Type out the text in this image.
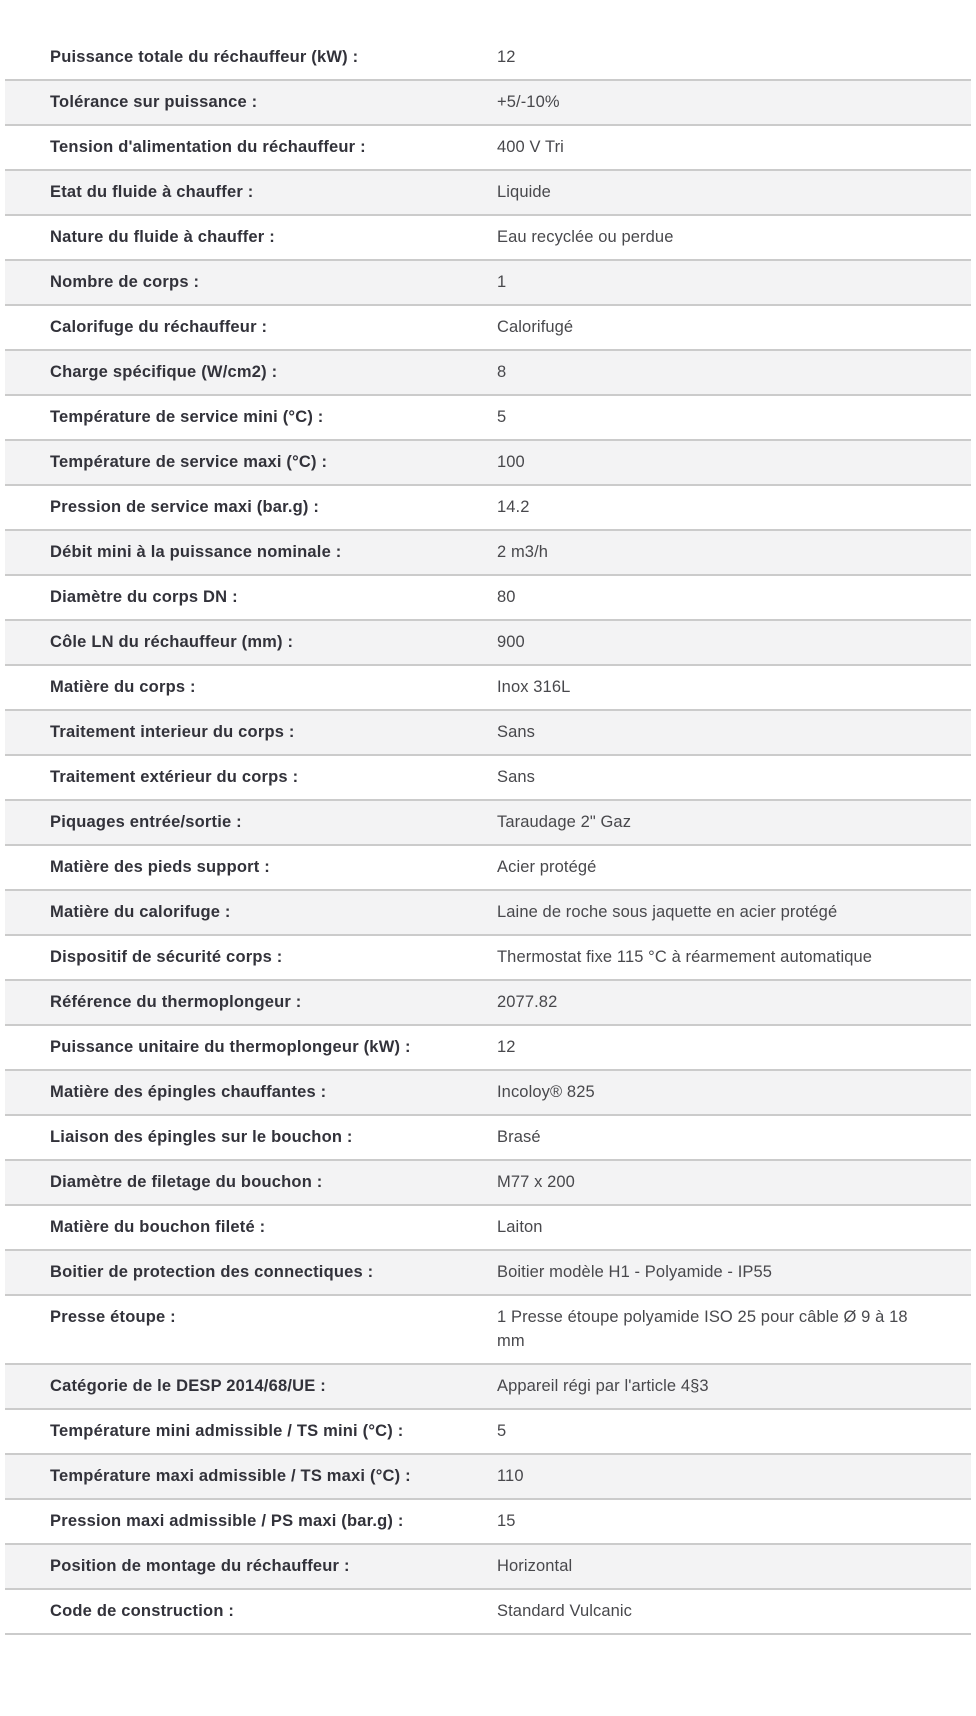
Puissance totale du réchauffeur (kW) :	12
Tolérance sur puissance :	+5/-10%
Tension d'alimentation du réchauffeur :	400 V Tri
Etat du fluide à chauffer :	Liquide
Nature du fluide à chauffer :	Eau recyclée ou perdue
Nombre de corps :	1
Calorifuge du réchauffeur :	Calorifugé
Charge spécifique (W/cm2) :	8
Température de service mini (°C) :	5
Température de service maxi (°C) :	100
Pression de service maxi (bar.g) :	14.2
Débit mini à la puissance nominale :	2 m3/h
Diamètre du corps DN :	80
Côle LN du réchauffeur (mm) :	900
Matière du corps :	Inox 316L
Traitement interieur du corps :	Sans
Traitement extérieur du corps :	Sans
Piquages entrée/sortie :	Taraudage 2" Gaz
Matière des pieds support :	Acier protégé
Matière du calorifuge :	Laine de roche sous jaquette en acier protégé
Dispositif de sécurité corps :	Thermostat fixe 115 °C à réarmement automatique
Référence du thermoplongeur :	2077.82
Puissance unitaire du thermoplongeur (kW) :	12
Matière des épingles chauffantes :	Incoloy® 825
Liaison des épingles sur le bouchon :	Brasé
Diamètre de filetage du bouchon :	M77 x 200
Matière du bouchon fileté :	Laiton
Boitier de protection des connectiques :	Boitier modèle H1 - Polyamide - IP55
Presse étoupe :	1 Presse étoupe polyamide ISO 25 pour câble Ø 9 à 18 mm
Catégorie de le DESP 2014/68/UE :	Appareil régi par l'article 4§3
Température mini admissible / TS mini (°C) :	5
Température maxi admissible / TS maxi (°C) :	110
Pression maxi admissible / PS maxi (bar.g) :	15
Position de montage du réchauffeur :	Horizontal
Code de construction :	Standard Vulcanic
